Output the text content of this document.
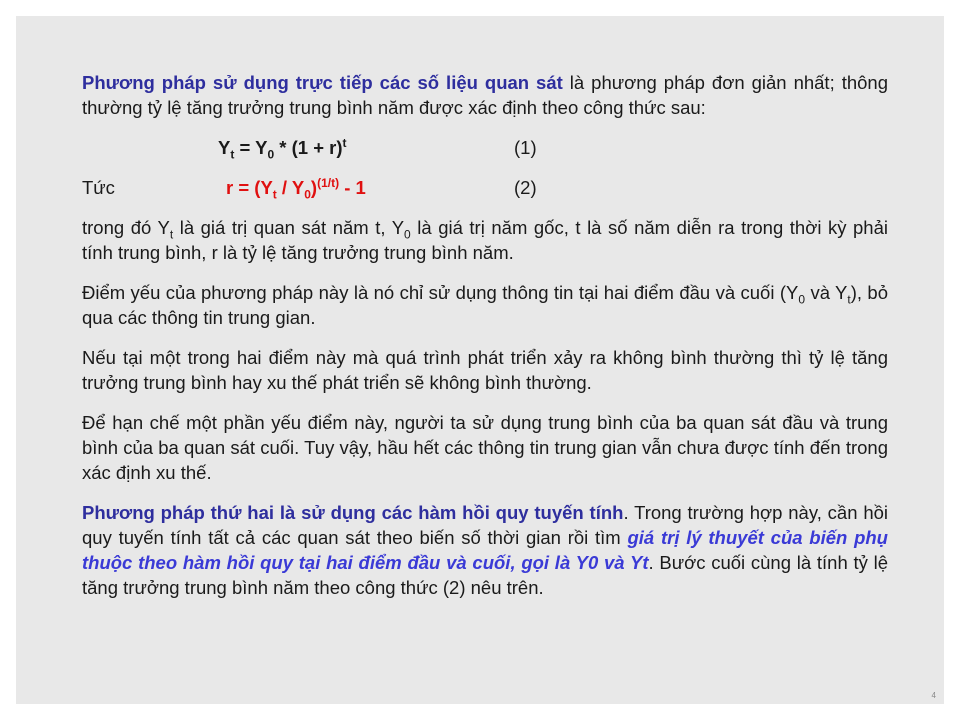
Phương pháp sử dụng trực tiếp các số liệu quan sát là phương pháp đơn giản nhất; thông thường tỷ lệ tăng trưởng trung bình năm được xác định theo công thức sau:

$Y_t = Y_0 * (1 + r)^t$	(1)
Tức	$r = (Y_t / Y_0)^{(1/t)} - 1$	(2)

trong đó $Y_t$ là giá trị quan sát năm t, $Y_0$ là giá trị năm gốc, t là số năm diễn ra trong thời kỳ phải tính trung bình, r là tỷ lệ tăng trưởng trung bình năm.

Điểm yếu của phương pháp này là nó chỉ sử dụng thông tin tại hai điểm đầu và cuối ($Y_0$ và $Y_t$), bỏ qua các thông tin trung gian.

Nếu tại một trong hai điểm này mà quá trình phát triển xảy ra không bình thường thì tỷ lệ tăng trưởng trung bình hay xu thế phát triển sẽ không bình thường.

Để hạn chế một phần yếu điểm này, người ta sử dụng trung bình của ba quan sát đầu và trung bình của ba quan sát cuối. Tuy vậy, hầu hết các thông tin trung gian vẫn chưa được tính đến trong xác định xu thế.

Phương pháp thứ hai là sử dụng các hàm hồi quy tuyến tính. Trong trường hợp này, cần hồi quy tuyến tính tất cả các quan sát theo biến số thời gian rồi tìm giá trị lý thuyết của biến phụ thuộc theo hàm hồi quy tại hai điểm đầu và cuối, gọi là Y0 và Yt. Bước cuối cùng là tính tỷ lệ tăng trưởng trung bình năm theo công thức (2) nêu trên.

4
